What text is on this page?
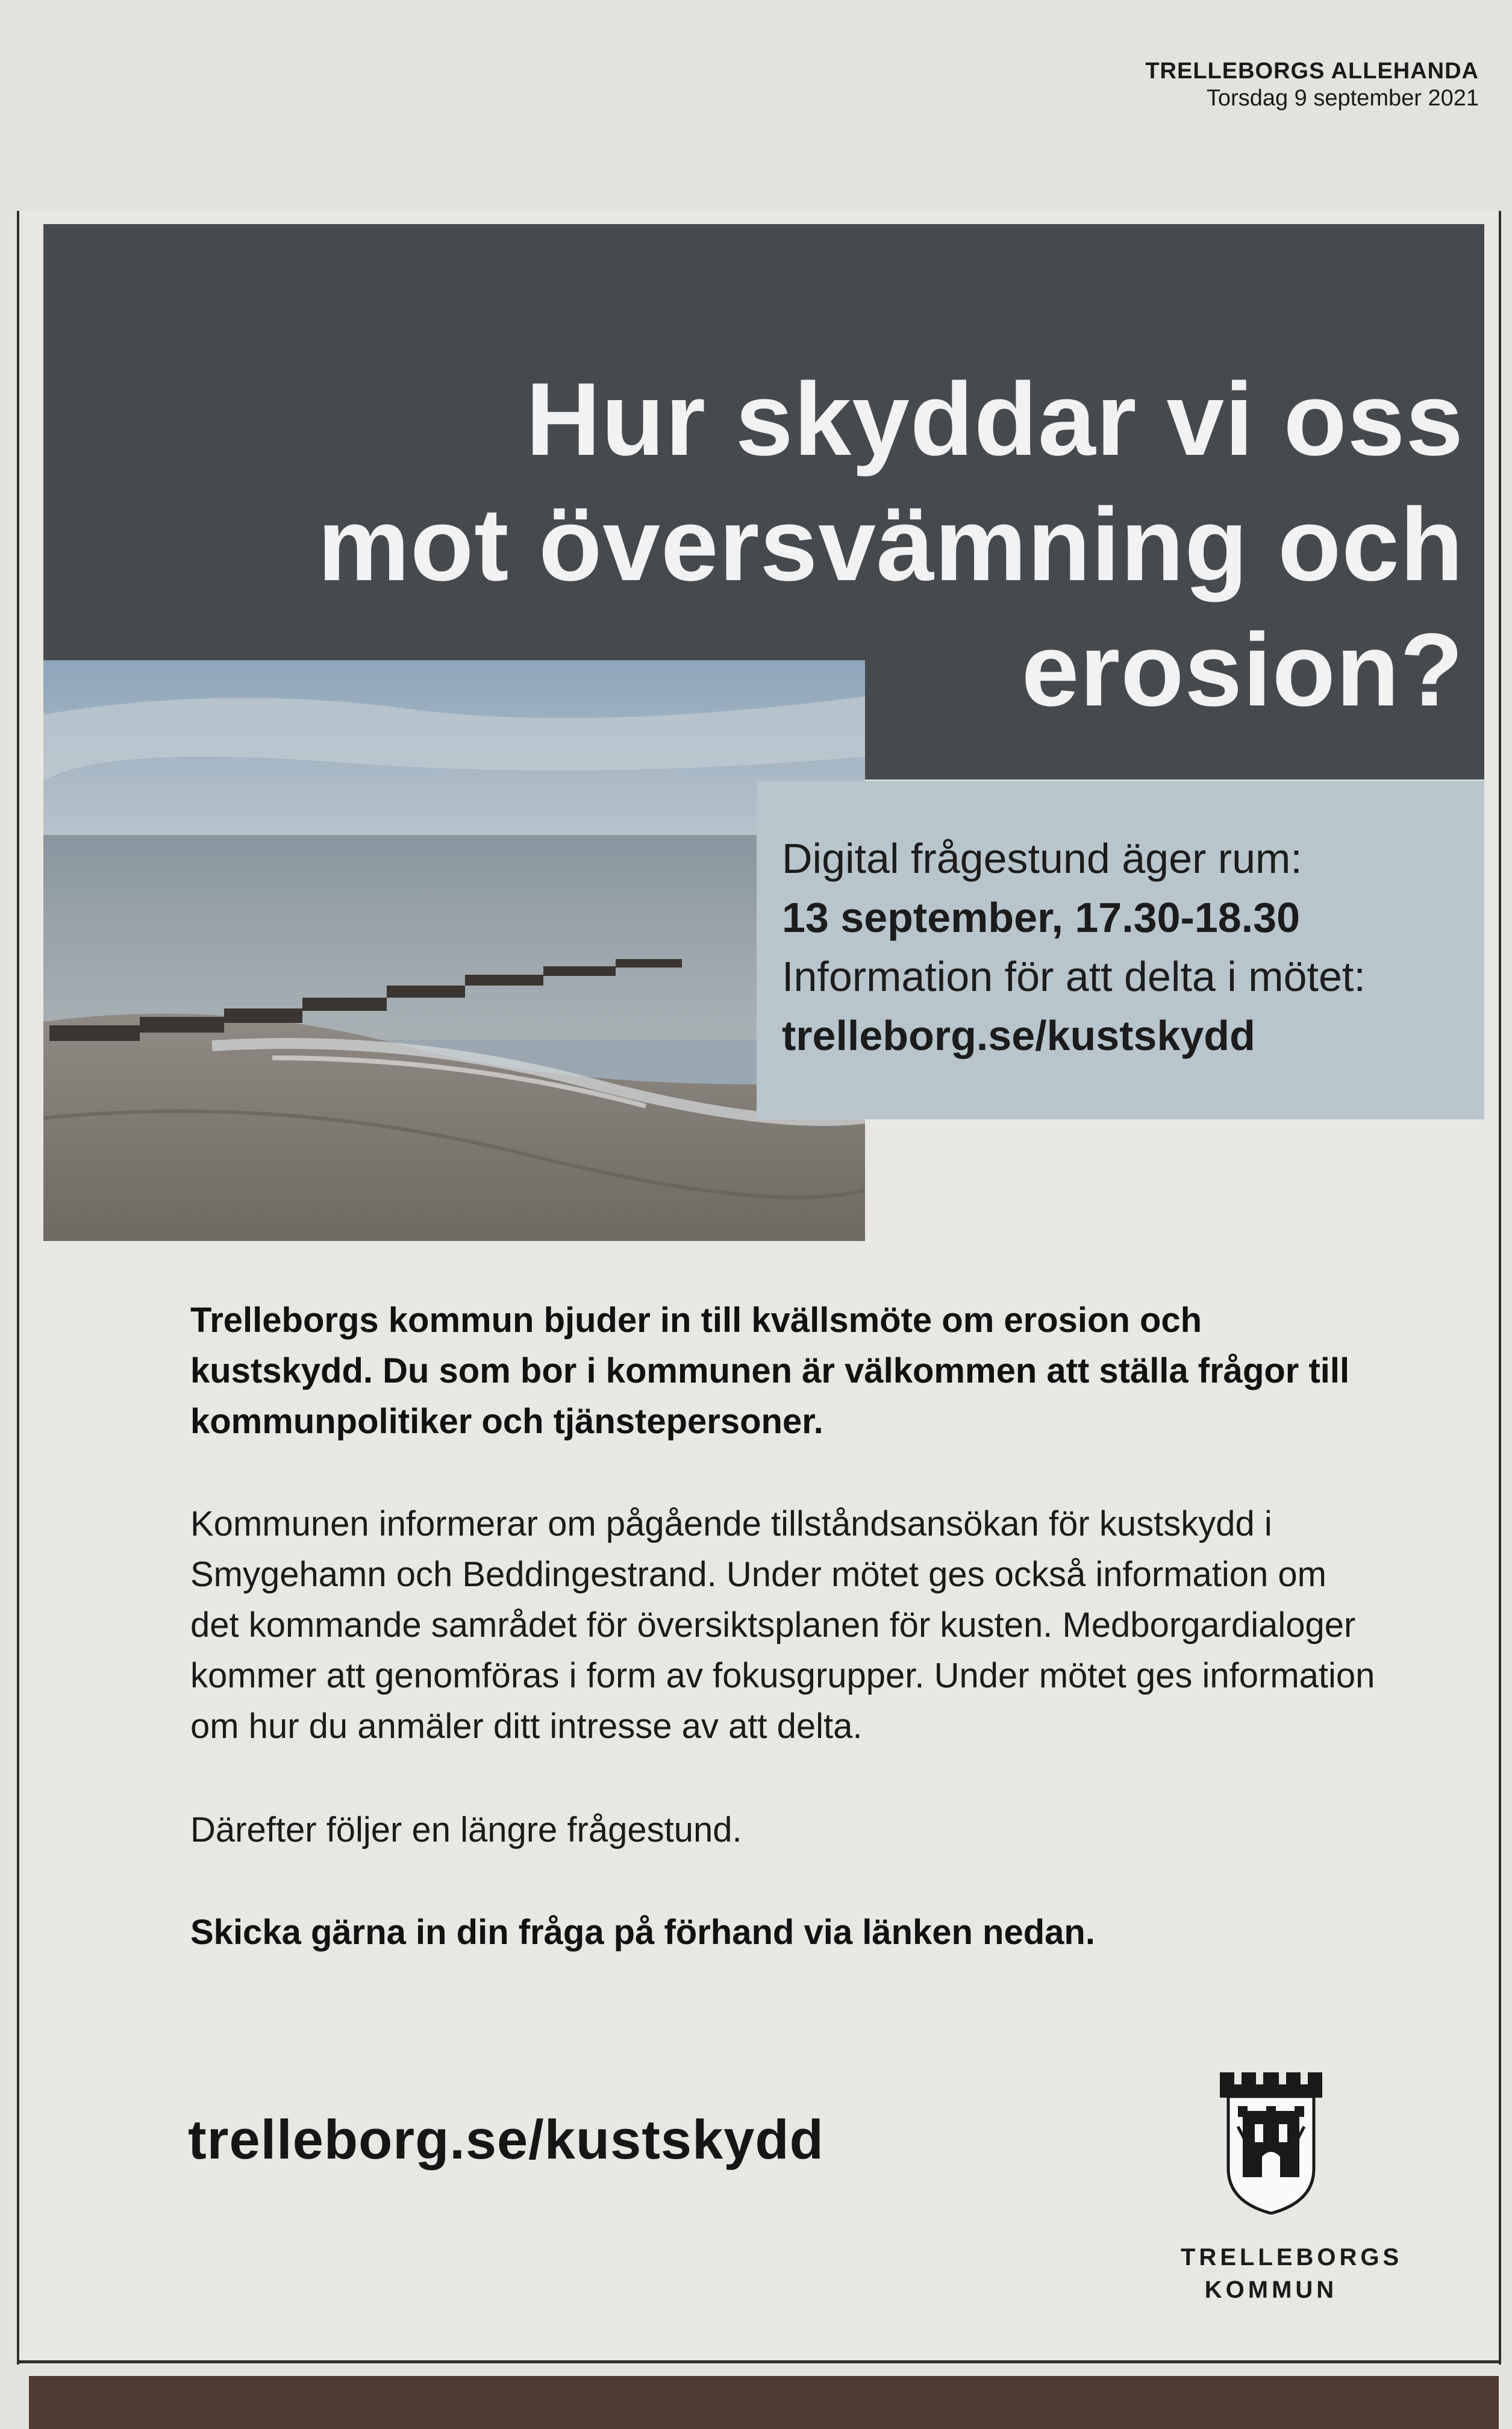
TRELLEBORGS ALLEHANDA
Torsdag 9 september 2021
Hur skyddar vi oss
mot översvämning och
erosion?
Digital frågestund äger rum:
13 september, 17.30-18.30
Information för att delta i mötet:
trelleborg.se/kustskydd

Trelleborgs kommun bjuder in till kvällsmöte om erosion och kustskydd. Du som bor i kommunen är välkommen att ställa frågor till kommunpolitiker och tjänstepersoner.

Kommunen informerar om pågående tillståndsansökan för kustskydd i Smygehamn och Beddingestrand. Under mötet ges också information om det kommande samrådet för översiktsplanen för kusten. Medborgardialoger kommer att genomföras i form av fokusgrupper. Under mötet ges information om hur du anmäler ditt intresse av att delta.

Därefter följer en längre frågestund.

Skicka gärna in din fråga på förhand via länken nedan.

trelleborg.se/kustskydd
TRELLEBORGS
KOMMUN
